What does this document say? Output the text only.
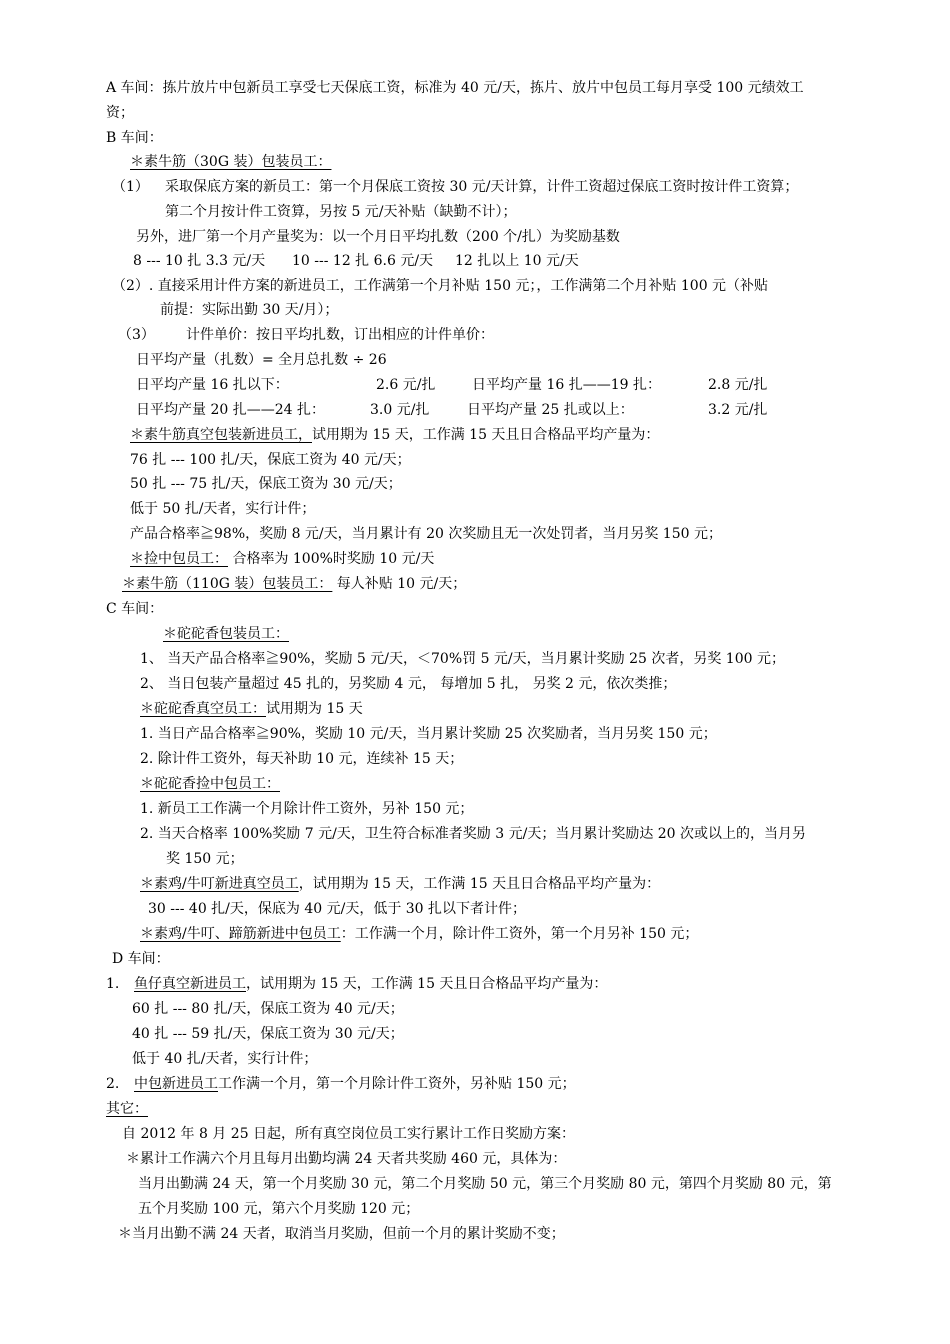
A 车间：拣片放片中包新员工享受七天保底工资，标准为 40 元/天，拣片、放片中包员工每月享受 100 元绩效工
资；
B 车间：
＊素牛筋（30G 装）包装员工：
（1） 采取保底方案的新员工：第一个月保底工资按 30 元/天计算，计件工资超过保底工资时按计件工资算；
第二个月按计件工资算，另按 5 元/天补贴（缺勤不计）；
另外，进厂第一个月产量奖为：以一个月日平均扎数（200 个/扎）为奖励基数
8 --- 10 扎 3.3 元/天 10 --- 12 扎 6.6 元/天 12 扎以上 10 元/天
（2）. 直接采用计件方案的新进员工，工作满第一个月补贴 150 元；，工作满第二个月补贴 100 元（补贴
前提：实际出勤 30 天/月）；
（3） 计件单价：按日平均扎数，订出相应的计件单价：
日平均产量（扎数）= 全月总扎数 ÷ 26
日平均产量 16 扎以下：	2.6 元/扎	日平均产量 16 扎——19 扎：	2.8 元/扎
日平均产量 20 扎——24 扎：	3.0 元/扎	日平均产量 25 扎或以上：	3.2 元/扎
＊素牛筋真空包装新进员工，试用期为 15 天，工作满 15 天且日合格品平均产量为：
76 扎 --- 100 扎/天，保底工资为 40 元/天；
50 扎 --- 75 扎/天，保底工资为 30 元/天；
低于 50 扎/天者，实行计件；
产品合格率≧98%，奖励 8 元/天，当月累计有 20 次奖励且无一次处罚者，当月另奖 150 元；
＊捡中包员工： 合格率为 100%时奖励 10 元/天
＊素牛筋（110G 装）包装员工： 每人补贴 10 元/天；
C 车间：
＊砣砣香包装员工：
1、 当天产品合格率≧90%，奖励 5 元/天，＜70%罚 5 元/天，当月累计奖励 25 次者，另奖 100 元；
2、 当日包装产量超过 45 扎的，另奖励 4 元， 每增加 5 扎， 另奖 2 元，依次类推；
＊砣砣香真空员工：试用期为 15 天
1. 当日产品合格率≧90%，奖励 10 元/天，当月累计奖励 25 次奖励者，当月另奖 150 元；
2. 除计件工资外，每天补助 10 元，连续补 15 天；
＊砣砣香捡中包员工：
1. 新员工工作满一个月除计件工资外，另补 150 元；
2. 当天合格率 100%奖励 7 元/天，卫生符合标准者奖励 3 元/天；当月累计奖励达 20 次或以上的，当月另
奖 150 元；
＊素鸡/牛叮新进真空员工，试用期为 15 天，工作满 15 天且日合格品平均产量为：
30 --- 40 扎/天，保底为 40 元/天，低于 30 扎以下者计件；
＊素鸡/牛叮、蹄筋新进中包员工：工作满一个月，除计件工资外，第一个月另补 150 元；
D 车间：
1. 鱼仔真空新进员工，试用期为 15 天，工作满 15 天且日合格品平均产量为：
60 扎 --- 80 扎/天，保底工资为 40 元/天；
40 扎 --- 59 扎/天，保底工资为 30 元/天；
低于 40 扎/天者，实行计件；
2. 中包新进员工工作满一个月，第一个月除计件工资外，另补贴 150 元；
其它：
自 2012 年 8 月 25 日起，所有真空岗位员工实行累计工作日奖励方案：
＊累计工作满六个月且每月出勤均满 24 天者共奖励 460 元，具体为：
当月出勤满 24 天，第一个月奖励 30 元，第二个月奖励 50 元，第三个月奖励 80 元，第四个月奖励 80 元，第
五个月奖励 100 元，第六个月奖励 120 元；
＊当月出勤不满 24 天者，取消当月奖励，但前一个月的累计奖励不变；
